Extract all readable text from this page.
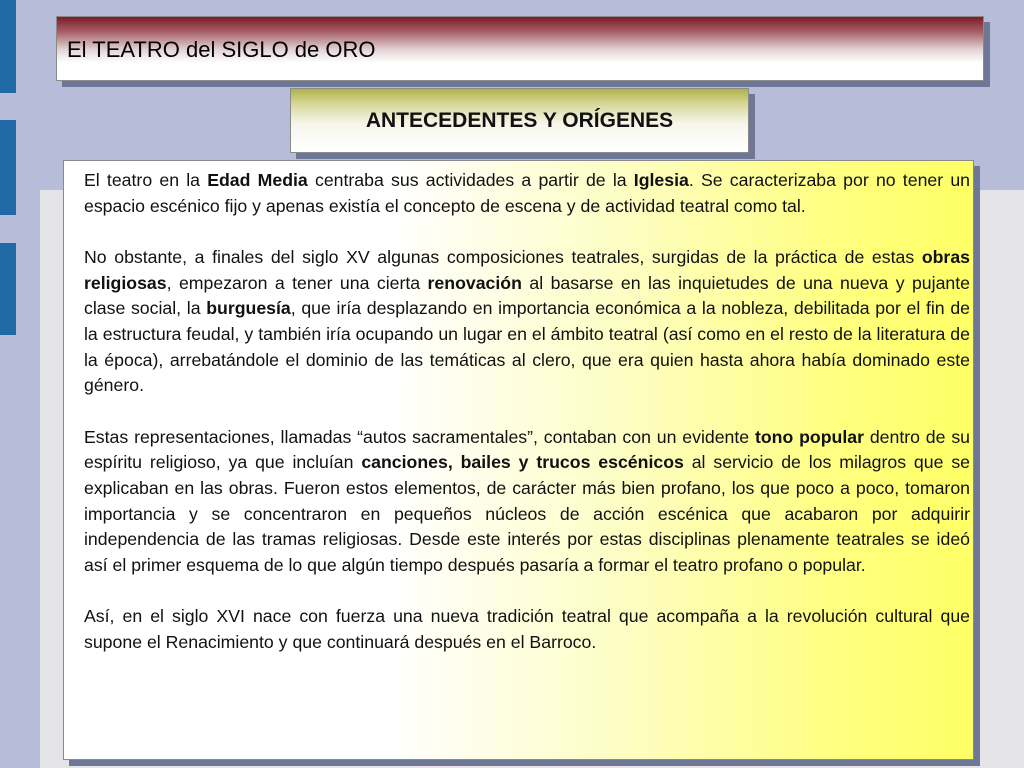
El TEATRO del SIGLO de ORO
ANTECEDENTES Y ORÍGENES

El teatro en la Edad Media centraba sus actividades a partir de la Iglesia. Se caracterizaba por no tener un espacio escénico fijo y apenas existía el concepto de escena y de actividad teatral como tal.

No obstante, a finales del siglo XV algunas composiciones teatrales, surgidas de la práctica de estas obras religiosas, empezaron a tener una cierta renovación al basarse en las inquietudes de una nueva y pujante clase social, la burguesía, que iría desplazando en importancia económica a la nobleza, debilitada por el fin de la estructura feudal, y también iría ocupando un lugar en el ámbito teatral (así como en el resto de la literatura de la época), arrebatándole el dominio de las temáticas al clero, que era quien hasta ahora había dominado este género.

Estas representaciones, llamadas “autos sacramentales”, contaban con un evidente tono popular dentro de su espíritu religioso, ya que incluían canciones, bailes y trucos escénicos al servicio de los milagros que se explicaban en las obras. Fueron estos elementos, de carácter más bien profano, los que poco a poco, tomaron importancia y se concentraron en pequeños núcleos de acción escénica que acabaron por adquirir independencia de las tramas religiosas. Desde este interés por estas disciplinas plenamente teatrales se ideó así el primer esquema de lo que algún tiempo después pasaría a formar el teatro profano o popular.

Así, en el siglo XVI nace con fuerza una nueva tradición teatral que acompaña a la revolución cultural que supone el Renacimiento y que continuará después en el Barroco.
